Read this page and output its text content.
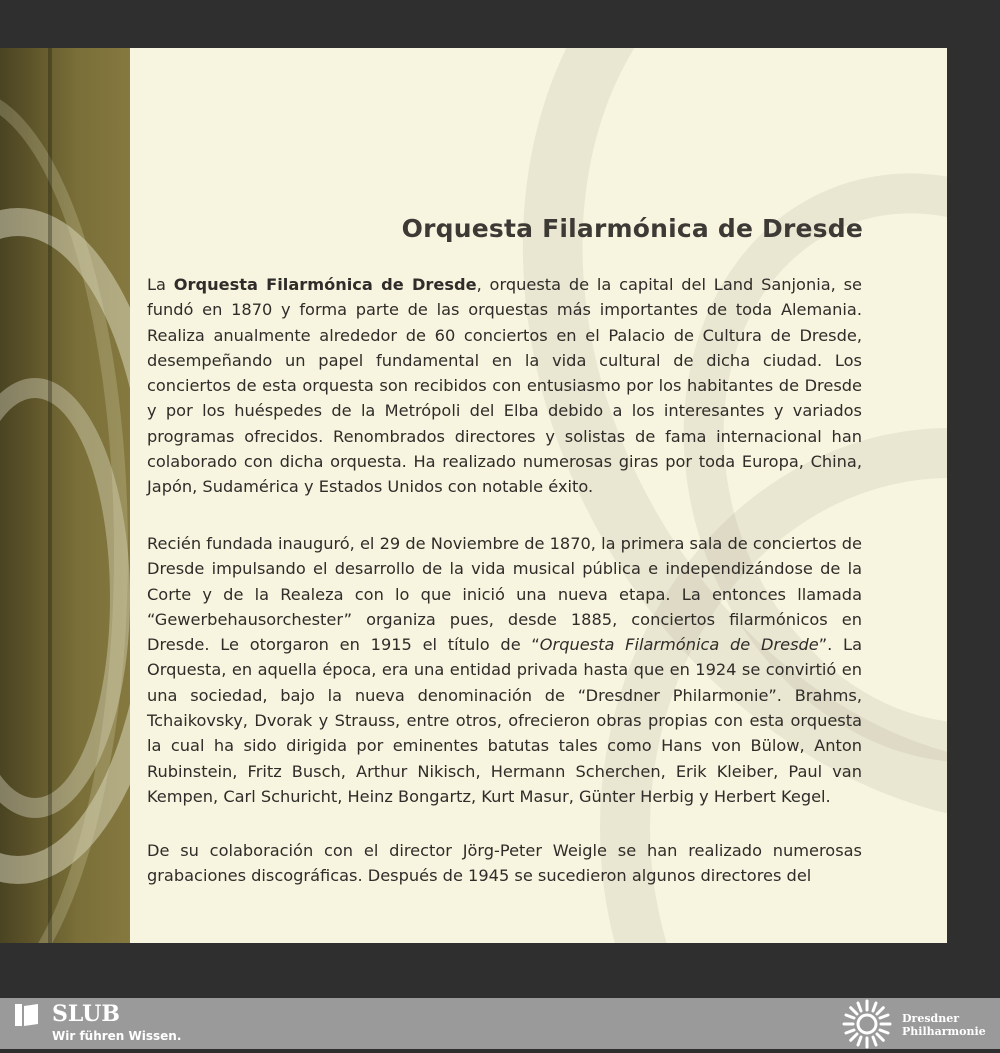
Orquesta Filarmónica de Dresde

La Orquesta Filarmónica de Dresde, orquesta de la capital del Land Sanjonia, se fundó en 1870 y forma parte de las orquestas más importantes de toda Alemania. Realiza anualmente alrededor de 60 conciertos en el Palacio de Cultura de Dresde, desempeñando un papel fundamental en la vida cultural de dicha ciudad. Los conciertos de esta orquesta son recibidos con entusiasmo por los habitantes de Dresde y por los huéspedes de la Metrópoli del Elba debido a los interesantes y variados programas ofrecidos. Renombrados directores y solistas de fama internacional han colaborado con dicha orquesta. Ha realizado numerosas giras por toda Europa, China, Japón, Sudamérica y Estados Unidos con notable éxito.

Recién fundada inauguró, el 29 de Noviembre de 1870, la primera sala de conciertos de Dresde impulsando el desarrollo de la vida musical pública e independizándose de la Corte y de la Realeza con lo que inició una nueva etapa. La entonces llamada “Gewerbehausorchester” organiza pues, desde 1885, conciertos filarmónicos en Dresde. Le otorgaron en 1915 el título de “Orquesta Filarmónica de Dresde”. La Orquesta, en aquella época, era una entidad privada hasta que en 1924 se convirtió en una sociedad, bajo la nueva denominación de “Dresdner Philarmonie”. Brahms, Tchaikovsky, Dvorak y Strauss, entre otros, ofrecieron obras propias con esta orquesta la cual ha sido dirigida por eminentes batutas tales como Hans von Bülow, Anton Rubinstein, Fritz Busch, Arthur Nikisch, Hermann Scherchen, Erik Kleiber, Paul van Kempen, Carl Schuricht, Heinz Bongartz, Kurt Masur, Günter Herbig y Herbert Kegel.

De su colaboración con el director Jörg-Peter Weigle se han realizado numerosas grabaciones discográficas. Después de 1945 se sucedieron algunos directores del

SLUB
Wir führen Wissen.
Dresdner
Philharmonie
